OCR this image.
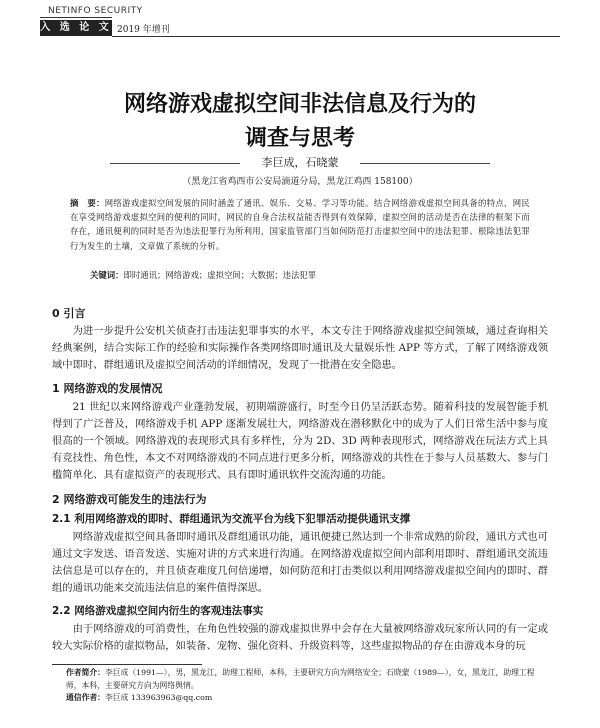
NETINFO SECURITY
入 选 论 文 2019 年增刊
网络游戏虚拟空间非法信息及行为的
调查与思考
李巨成，石晓蒙
（黑龙江省鸡西市公安局滴道分局，黑龙江鸡西 158100）
摘　要：网络游戏虚拟空间发展的同时涵盖了通讯、娱乐、交易、学习等功能。结合网络游戏虚拟空间具备的特点，网民在享受网络游戏虚拟空间的便利的同时，网民的自身合法权益能否得到有效保障，虚拟空间的活动是否在法律的框架下而存在，通讯便利的同时是否为违法犯罪行为所利用，国家监管部门当如何防范打击虚拟空间中的违法犯罪、根除违法犯罪行为发生的土壤，文章做了系统的分析。
关键词：即时通讯；网络游戏；虚拟空间；大数据；违法犯罪
0 引言

为进一步提升公安机关侦查打击违法犯罪事实的水平，本文专注于网络游戏虚拟空间领域，通过查询相关经典案例，结合实际工作的经验和实际操作各类网络即时通讯及大量娱乐性 APP 等方式，了解了网络游戏领域中即时、群组通讯及虚拟空间活动的详细情况，发现了一批潜在安全隐患。

1 网络游戏的发展情况

21 世纪以来网络游戏产业蓬勃发展，初期端游盛行，时至今日仍呈活跃态势。随着科技的发展智能手机得到了广泛普及，网络游戏手机 APP 逐渐发展壮大，网络游戏在潜移默化中的成为了人们日常生活中参与度很高的一个领域。网络游戏的表现形式具有多样性，分为 2D、3D 两种表现形式，网络游戏在玩法方式上具有竞技性、角色性，本文不对网络游戏的不同点进行更多分析，网络游戏的共性在于参与人员基数大、参与门槛简单化、具有虚拟资产的表现形式、具有即时通讯软件交流沟通的功能。

2 网络游戏可能发生的违法行为
2.1 利用网络游戏的即时、群组通讯为交流平台为线下犯罪活动提供通讯支撑

网络游戏虚拟空间具备即时通讯及群组通讯功能，通讯便捷已然达到一个非常成熟的阶段，通讯方式也可通过文字发送、语音发送、实施对讲的方式来进行沟通。在网络游戏虚拟空间内部利用即时、群组通讯交流违法信息是可以存在的，并且侦查难度几何倍递增，如何防范和打击类似以利用网络游戏虚拟空间内的即时、群组的通讯功能来交流违法信息的案件值得深思。

2.2 网络游戏虚拟空间内衍生的客观违法事实

由于网络游戏的可消费性，在角色性较强的游戏虚拟世界中会存在大量被网络游戏玩家所认同的有一定或较大实际价格的虚拟物品，如装备、宠物、强化资料、升级资料等，这些虚拟物品的存在由游戏本身的玩

作者简介：李巨成（1991—），男，黑龙江，助理工程师，本科，主要研究方向为网络安全；石晓蒙（1989—），女，黑龙江，助理工程师，本科，主要研究方向为网络舆情。
通信作者：李巨成 133963963@qq.com
